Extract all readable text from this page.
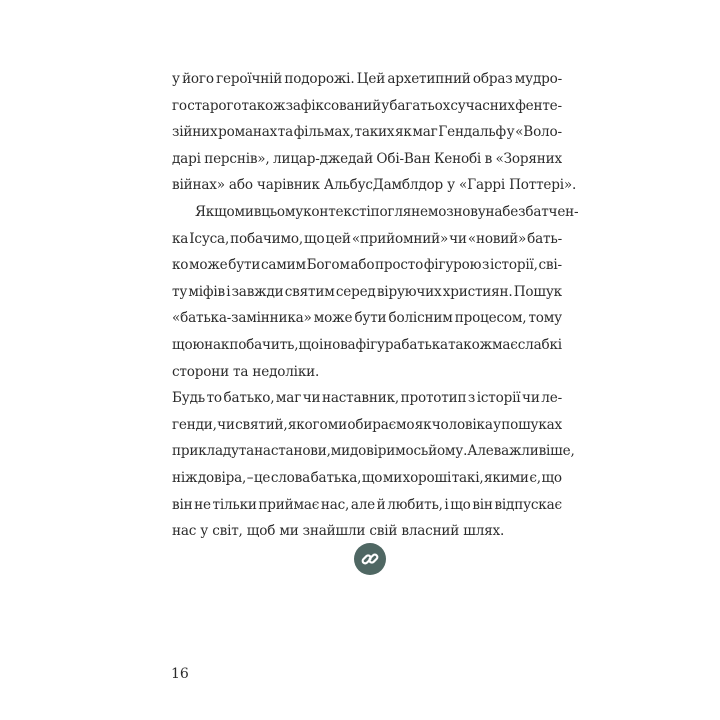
у його героїчній подорожі. Цей архетипний образ мудро-
го старого також зафіксований у багатьох сучасних фенте-
зійних романах та фільмах, таких як маг Гендальф у «Воло-
дарі перснів», лицар-джедай Обі-Ван Кенобі в «Зоряних
війнах» або чарівник АльбусДамблдор у «Гаррі Поттері».
Якщо ми в цьому контексті поглянемо знову на безбатчен-
ка Ісуса, побачимо, що цей «прийомний» чи «новий» бать-
ко може бути самим Богом або просто фігурою з історії, сві-
ту міфів і завжди святим серед віруючих християн. Пошук
«батька-замінника» може бути болісним процесом, тому
що юнак побачить, що і нова фігура батька також має слабкі
сторони та недоліки.
Будь то батько, маг чи наставник, прототип з історії чи ле-
генди, чи святий, якого ми обираємо як чоловіка у пошуках
прикладу та настанови, ми довіримось йому. Але важливіше,
ніж довіра, – це слова батька, що ми хороші такі, якими є, що
він не тільки приймає нас, але й любить, і що він відпускає
нас у світ, щоб ми знайшли свій власний шлях.
16
